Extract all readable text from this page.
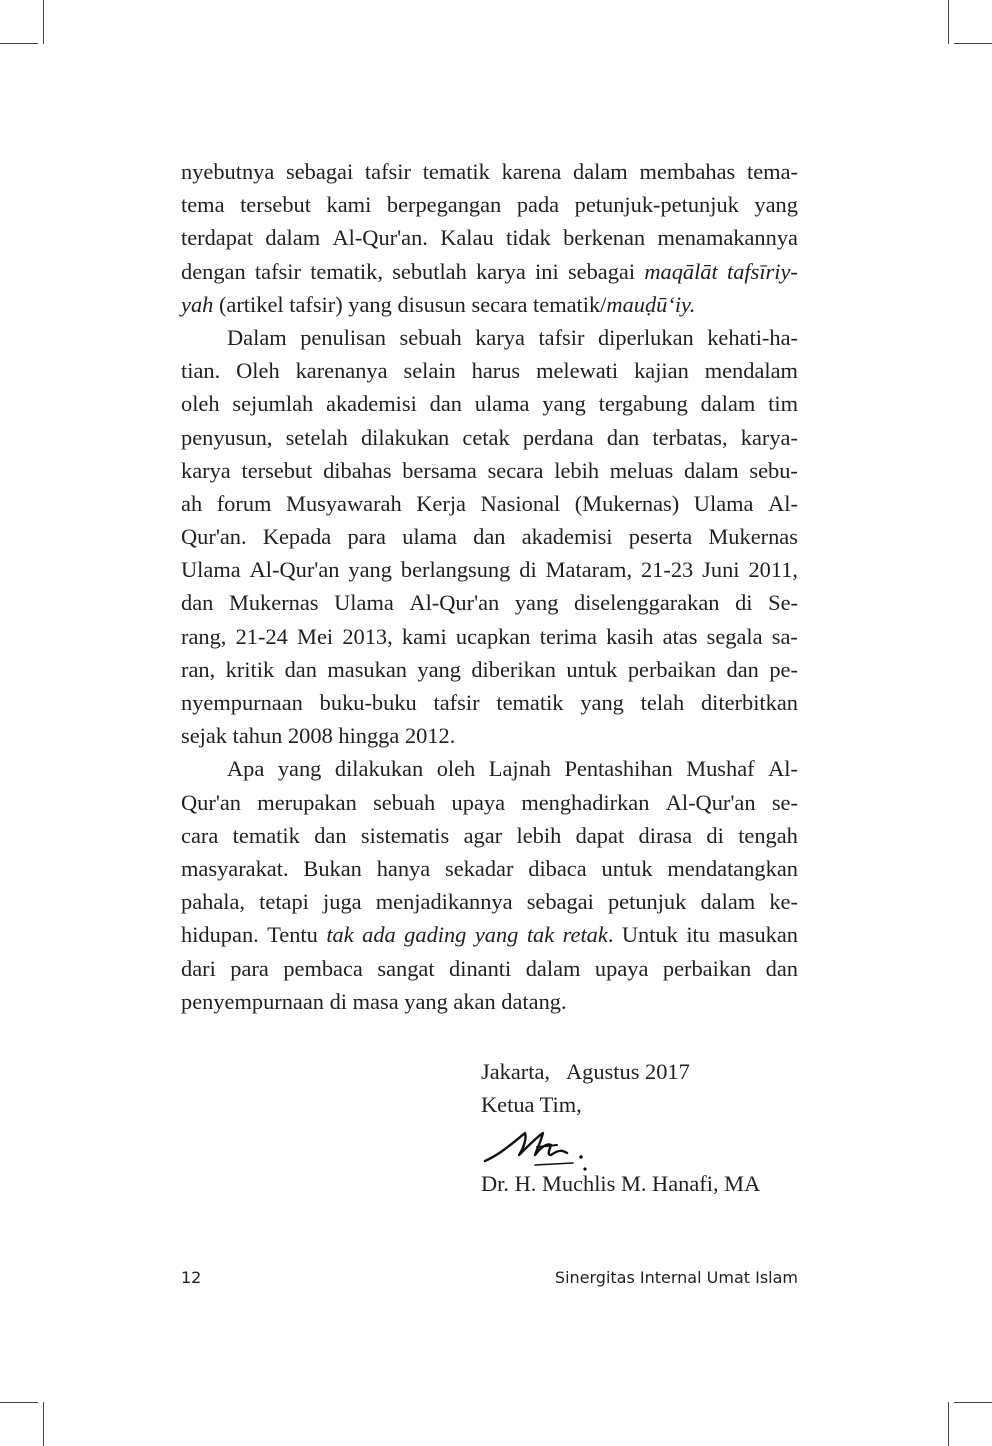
nyebutnya sebagai tafsir tematik karena dalam membahas tema-
tema tersebut kami berpegangan pada petunjuk-petunjuk yang
terdapat dalam Al-Qur'an. Kalau tidak berkenan menamakannya
dengan tafsir tematik, sebutlah karya ini sebagai maqālāt tafsīriy-
yah (artikel tafsir) yang disusun secara tematik/mauḍū‘iy.
Dalam penulisan sebuah karya tafsir diperlukan kehati-ha-
tian. Oleh karenanya selain harus melewati kajian mendalam
oleh sejumlah akademisi dan ulama yang tergabung dalam tim
penyusun, setelah dilakukan cetak perdana dan terbatas, karya-
karya tersebut dibahas bersama secara lebih meluas dalam sebu-
ah forum Musyawarah Kerja Nasional (Mukernas) Ulama Al-
Qur'an. Kepada para ulama dan akademisi peserta Mukernas
Ulama Al-Qur'an yang berlangsung di Mataram, 21-23 Juni 2011,
dan Mukernas Ulama Al-Qur'an yang diselenggarakan di Se-
rang, 21-24 Mei 2013, kami ucapkan terima kasih atas segala sa-
ran, kritik dan masukan yang diberikan untuk perbaikan dan pe-
nyempurnaan buku-buku tafsir tematik yang telah diterbitkan
sejak tahun 2008 hingga 2012.
Apa yang dilakukan oleh Lajnah Pentashihan Mushaf Al-
Qur'an merupakan sebuah upaya menghadirkan Al-Qur'an se-
cara tematik dan sistematis agar lebih dapat dirasa di tengah
masyarakat. Bukan hanya sekadar dibaca untuk mendatangkan
pahala, tetapi juga menjadikannya sebagai petunjuk dalam ke-
hidupan. Tentu tak ada gading yang tak retak. Untuk itu masukan
dari para pembaca sangat dinanti dalam upaya perbaikan dan
penyempurnaan di masa yang akan datang.
Jakarta, Agustus 2017
Ketua Tim,
Dr. H. Muchlis M. Hanafi, MA
12	Sinergitas Internal Umat Islam
